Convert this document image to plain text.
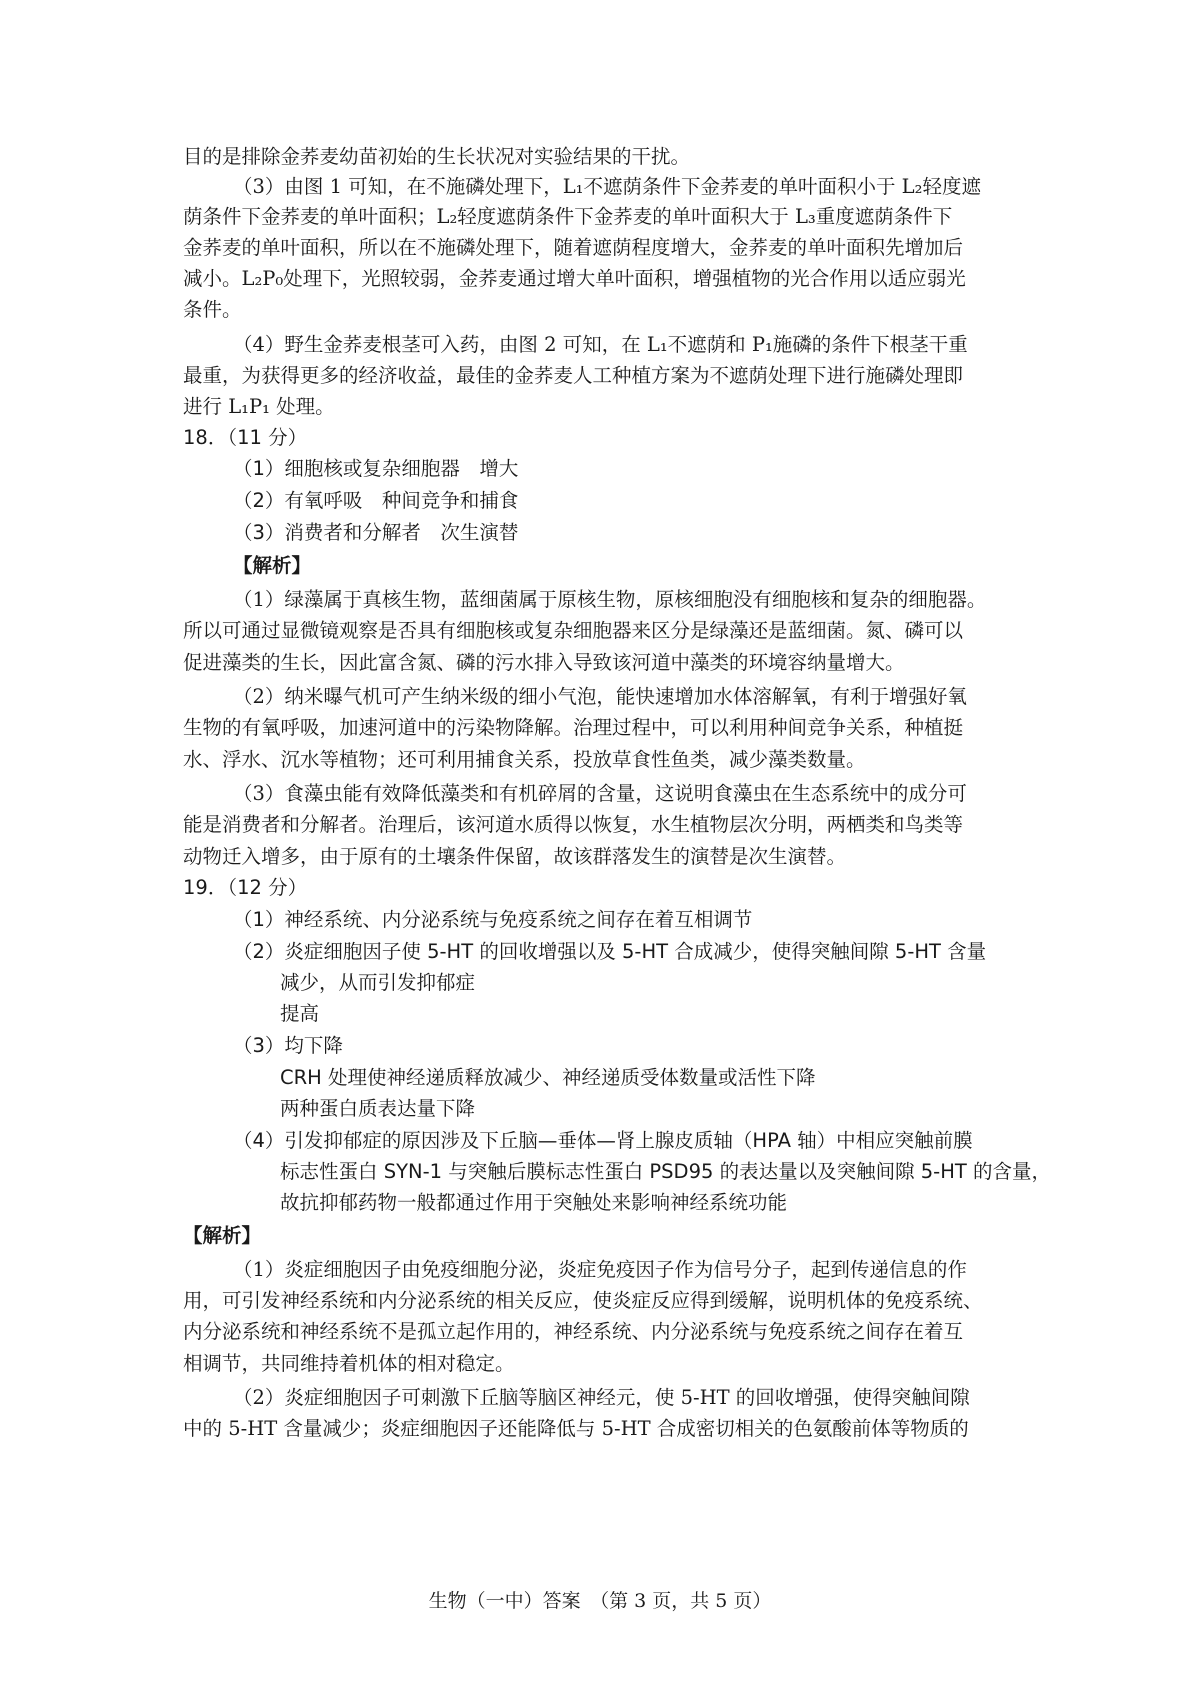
目的是排除金荞麦幼苗初始的生长状况对实验结果的干扰。
（3）由图 1 可知，在不施磷处理下，L₁不遮荫条件下金荞麦的单叶面积小于 L₂轻度遮
荫条件下金荞麦的单叶面积；L₂轻度遮荫条件下金荞麦的单叶面积大于 L₃重度遮荫条件下
金荞麦的单叶面积，所以在不施磷处理下，随着遮荫程度增大，金荞麦的单叶面积先增加后
减小。L₂P₀处理下，光照较弱，金荞麦通过增大单叶面积，增强植物的光合作用以适应弱光
条件。
（4）野生金荞麦根茎可入药，由图 2 可知，在 L₁不遮荫和 P₁施磷的条件下根茎干重
最重，为获得更多的经济收益，最佳的金荞麦人工种植方案为不遮荫处理下进行施磷处理即
进行 L₁P₁ 处理。
18．（11 分）
（1）细胞核或复杂细胞器　增大
（2）有氧呼吸　种间竞争和捕食
（3）消费者和分解者　次生演替
【解析】
（1）绿藻属于真核生物，蓝细菌属于原核生物，原核细胞没有细胞核和复杂的细胞器。
所以可通过显微镜观察是否具有细胞核或复杂细胞器来区分是绿藻还是蓝细菌。氮、磷可以
促进藻类的生长，因此富含氮、磷的污水排入导致该河道中藻类的环境容纳量增大。
（2）纳米曝气机可产生纳米级的细小气泡，能快速增加水体溶解氧，有利于增强好氧
生物的有氧呼吸，加速河道中的污染物降解。治理过程中，可以利用种间竞争关系，种植挺
水、浮水、沉水等植物；还可利用捕食关系，投放草食性鱼类，减少藻类数量。
（3）食藻虫能有效降低藻类和有机碎屑的含量，这说明食藻虫在生态系统中的成分可
能是消费者和分解者。治理后，该河道水质得以恢复，水生植物层次分明，两栖类和鸟类等
动物迁入增多，由于原有的土壤条件保留，故该群落发生的演替是次生演替。
19．（12 分）
（1）神经系统、内分泌系统与免疫系统之间存在着互相调节
（2）炎症细胞因子使 5-HT 的回收增强以及 5-HT 合成减少，使得突触间隙 5-HT 含量
减少，从而引发抑郁症
提高
（3）均下降
CRH 处理使神经递质释放减少、神经递质受体数量或活性下降
两种蛋白质表达量下降
（4）引发抑郁症的原因涉及下丘脑—垂体—肾上腺皮质轴（HPA 轴）中相应突触前膜
标志性蛋白 SYN-1 与突触后膜标志性蛋白 PSD95 的表达量以及突触间隙 5-HT 的含量，
故抗抑郁药物一般都通过作用于突触处来影响神经系统功能
【解析】
（1）炎症细胞因子由免疫细胞分泌，炎症免疫因子作为信号分子，起到传递信息的作
用，可引发神经系统和内分泌系统的相关反应，使炎症反应得到缓解，说明机体的免疫系统、
内分泌系统和神经系统不是孤立起作用的，神经系统、内分泌系统与免疫系统之间存在着互
相调节，共同维持着机体的相对稳定。
（2）炎症细胞因子可刺激下丘脑等脑区神经元，使 5-HT 的回收增强，使得突触间隙
中的 5-HT 含量减少；炎症细胞因子还能降低与 5-HT 合成密切相关的色氨酸前体等物质的
生物（一中）答案　（第 3 页，共 5 页）
